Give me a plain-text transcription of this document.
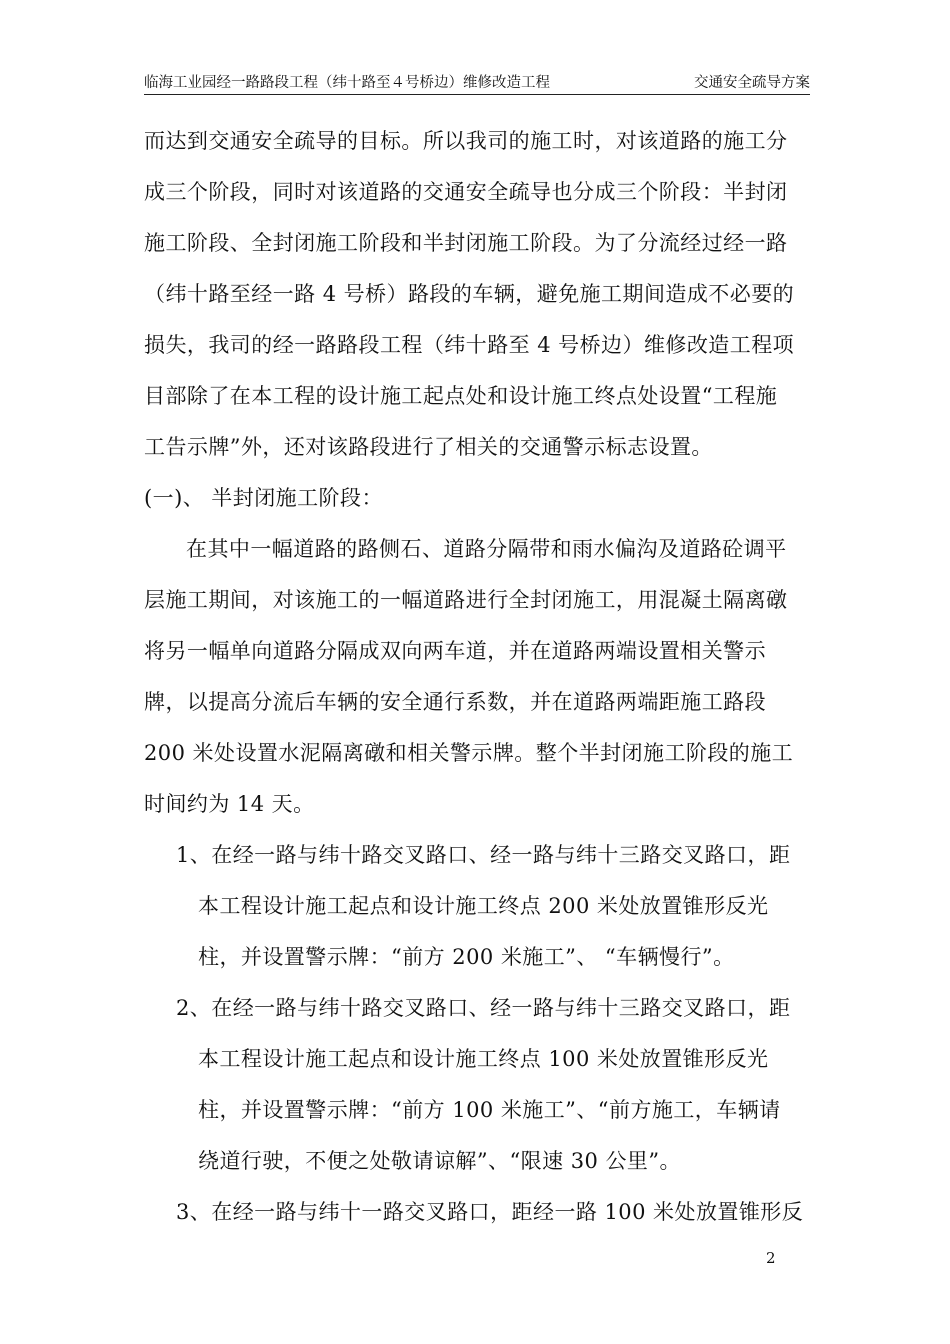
临海工业园经一路路段工程（纬十路至４号桥边）维修改造工程	交通安全疏导方案
而达到交通安全疏导的目标。所以我司的施工时，对该道路的施工分
成三个阶段，同时对该道路的交通安全疏导也分成三个阶段：半封闭
施工阶段、全封闭施工阶段和半封闭施工阶段。为了分流经过经一路
（纬十路至经一路 4 号桥）路段的车辆，避免施工期间造成不必要的
损失，我司的经一路路段工程（纬十路至 4 号桥边）维修改造工程项
目部除了在本工程的设计施工起点处和设计施工终点处设置“工程施
工告示牌”外，还对该路段进行了相关的交通警示标志设置。
(一)、 半封闭施工阶段：
在其中一幅道路的路侧石、道路分隔带和雨水偏沟及道路砼调平
层施工期间，对该施工的一幅道路进行全封闭施工，用混凝土隔离礅
将另一幅单向道路分隔成双向两车道，并在道路两端设置相关警示
牌，以提高分流后车辆的安全通行系数，并在道路两端距施工路段
200 米处设置水泥隔离礅和相关警示牌。整个半封闭施工阶段的施工
时间约为 14 天。
1、在经一路与纬十路交叉路口、经一路与纬十三路交叉路口，距
本工程设计施工起点和设计施工终点 200 米处放置锥形反光
柱，并设置警示牌：“前方 200 米施工”、 “车辆慢行”。
2、在经一路与纬十路交叉路口、经一路与纬十三路交叉路口，距
本工程设计施工起点和设计施工终点 100 米处放置锥形反光
柱，并设置警示牌：“前方 100 米施工”、“前方施工，车辆请
绕道行驶，不便之处敬请谅解”、“限速 30 公里”。
3、在经一路与纬十一路交叉路口，距经一路 100 米处放置锥形反
2
